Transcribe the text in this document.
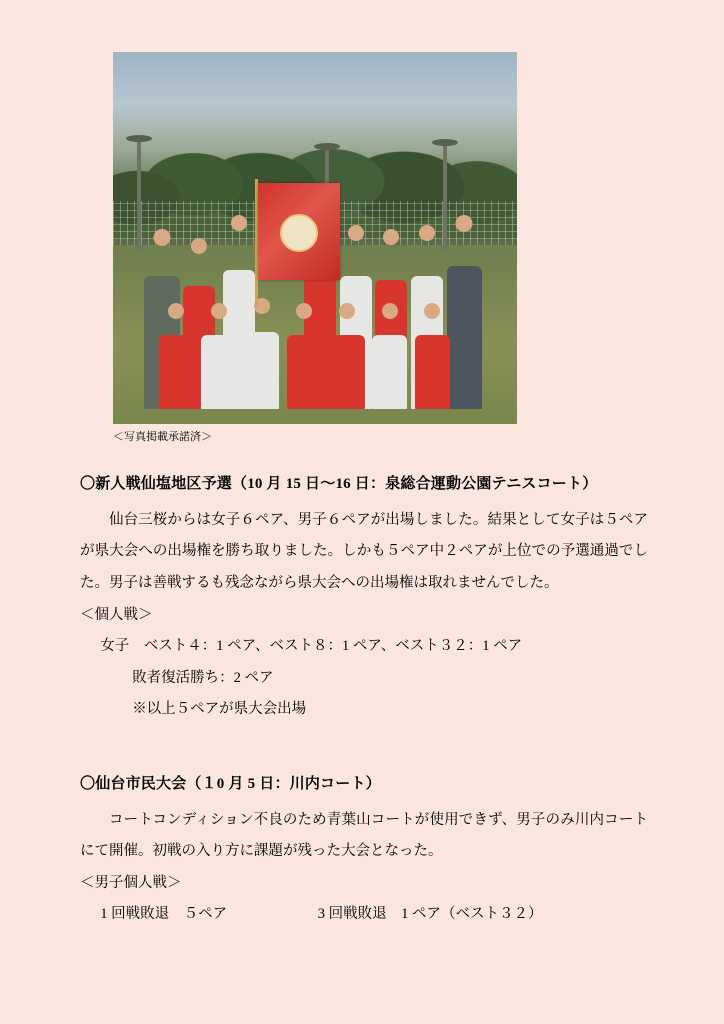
＜写真掲載承諾済＞
〇新人戦仙塩地区予選（10 月 15 日〜16 日：泉総合運動公園テニスコート）

仙台三桜からは女子６ペア、男子６ペアが出場しました。結果として女子は５ペアが県大会への出場権を勝ち取りました。しかも５ペア中２ペアが上位での予選通過でした。男子は善戦するも残念ながら県大会への出場権は取れませんでした。

＜個人戦＞

女子　ベスト４：1 ペア、ベスト８：1 ペア、ベスト３２：1 ペア

敗者復活勝ち：2 ペア

※以上５ペアが県大会出場

〇仙台市民大会（１0 月 5 日：川内コート）

コートコンディション不良のため青葉山コートが使用できず、男子のみ川内コートにて開催。初戦の入り方に課題が残った大会となった。

＜男子個人戦＞

1 回戦敗退　５ペア	3 回戦敗退　1 ペア（ベスト３２）
